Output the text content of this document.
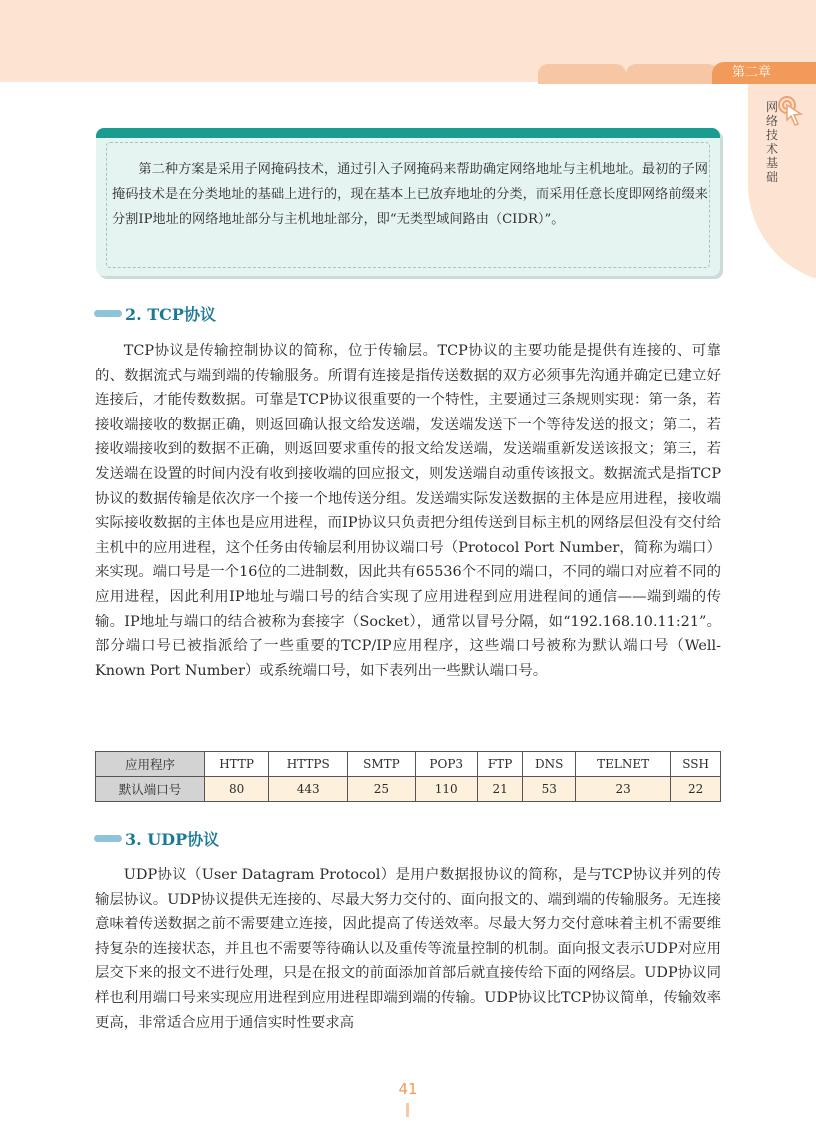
第二章
网
络
技
术
基
础

第二种方案是采用子网掩码技术，通过引入子网掩码来帮助确定网络地址与主机地址。最初的子网掩码技术是在分类地址的基础上进行的，现在基本上已放弃地址的分类，而采用任意长度即网络前缀来分割IP地址的网络地址部分与主机地址部分，即“无类型域间路由（CIDR）”。

2. TCP协议

TCP协议是传输控制协议的简称，位于传输层。TCP协议的主要功能是提供有连接的、可靠的、数据流式与端到端的传输服务。所谓有连接是指传送数据的双方必须事先沟通并确定已建立好连接后，才能传数数据。可靠是TCP协议很重要的一个特性，主要通过三条规则实现：第一条，若接收端接收的数据正确，则返回确认报文给发送端，发送端发送下一个等待发送的报文；第二，若接收端接收到的数据不正确，则返回要求重传的报文给发送端，发送端重新发送该报文；第三，若发送端在设置的时间内没有收到接收端的回应报文，则发送端自动重传该报文。数据流式是指TCP协议的数据传输是依次序一个接一个地传送分组。发送端实际发送数据的主体是应用进程，接收端实际接收数据的主体也是应用进程，而IP协议只负责把分组传送到目标主机的网络层但没有交付给主机中的应用进程，这个任务由传输层利用协议端口号（Protocol Port Number，简称为端口）来实现。端口号是一个16位的二进制数，因此共有65536个不同的端口，不同的端口对应着不同的应用进程，因此利用IP地址与端口号的结合实现了应用进程到应用进程间的通信——端到端的传输。IP地址与端口的结合被称为套接字（Socket），通常以冒号分隔，如“192.168.10.11:21”。部分端口号已被指派给了一些重要的TCP/IP应用程序，这些端口号被称为默认端口号（Well-Known Port Number）或系统端口号，如下表列出一些默认端口号。

应用程序	HTTP	HTTPS	SMTP	POP3	FTP	DNS	TELNET	SSH
默认端口号	80	443	25	110	21	53	23	22
3. UDP协议

UDP协议（User Datagram Protocol）是用户数据报协议的简称，是与TCP协议并列的传输层协议。UDP协议提供无连接的、尽最大努力交付的、面向报文的、端到端的传输服务。无连接意味着传送数据之前不需要建立连接，因此提高了传送效率。尽最大努力交付意味着主机不需要维持复杂的连接状态，并且也不需要等待确认以及重传等流量控制的机制。面向报文表示UDP对应用层交下来的报文不进行处理，只是在报文的前面添加首部后就直接传给下面的网络层。UDP协议同样也利用端口号来实现应用进程到应用进程即端到端的传输。UDP协议比TCP协议简单，传输效率更高，非常适合应用于通信实时性要求高

41
